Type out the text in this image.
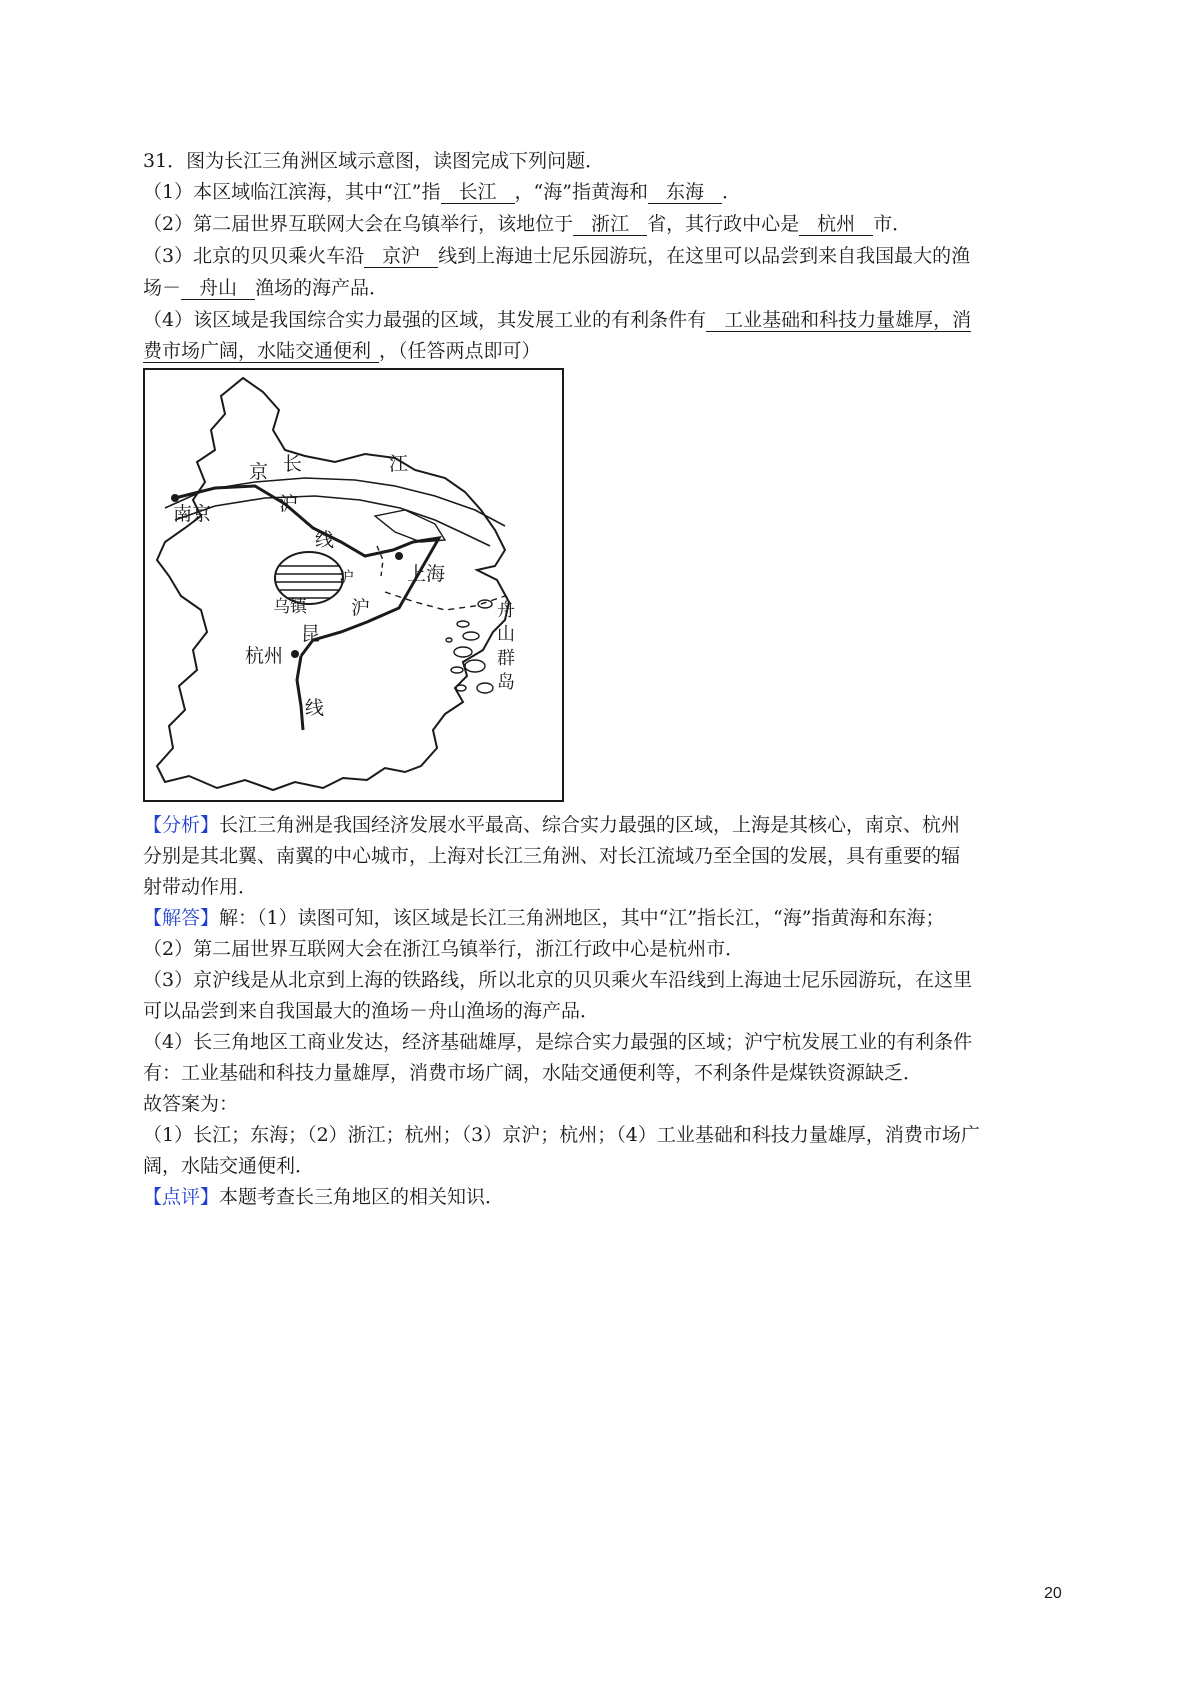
31．图为长江三角洲区域示意图，读图完成下列问题．
（1）本区域临江滨海，其中“江”指 长江 ，“海”指黄海和 东海 ．
（2）第二届世界互联网大会在乌镇举行，该地位于 浙江 省，其行政中心是 杭州 市．
（3）北京的贝贝乘火车沿 京沪 线到上海迪士尼乐园游玩，在这里可以品尝到来自我国最大的渔
场－ 舟山 渔场的海产品．
（4）该区域是我国综合实力最强的区域，其发展工业的有利条件有 工业基础和科技力量雄厚，消
费市场广阔，水陆交通便利 ，（任答两点即可）
南京
京 长	江
沪
线
上海
沪
沪
乌镇
昆
杭州
线
舟
山
群
岛
【分析】长江三角洲是我国经济发展水平最高、综合实力最强的区域，上海是其核心，南京、杭州
分别是其北翼、南翼的中心城市，上海对长江三角洲、对长江流域乃至全国的发展，具有重要的辐
射带动作用．
【解答】解：（1）读图可知，该区域是长江三角洲地区，其中“江”指长江，“海”指黄海和东海；
（2）第二届世界互联网大会在浙江乌镇举行，浙江行政中心是杭州市．
（3）京沪线是从北京到上海的铁路线，所以北京的贝贝乘火车沿线到上海迪士尼乐园游玩，在这里
可以品尝到来自我国最大的渔场－舟山渔场的海产品．
（4）长三角地区工商业发达，经济基础雄厚，是综合实力最强的区域；沪宁杭发展工业的有利条件
有：工业基础和科技力量雄厚，消费市场广阔，水陆交通便利等，不利条件是煤铁资源缺乏．
故答案为：
（1）长江；东海；（2）浙江；杭州；（3）京沪；杭州；（4）工业基础和科技力量雄厚，消费市场广
阔，水陆交通便利．
【点评】本题考查长三角地区的相关知识．
20
